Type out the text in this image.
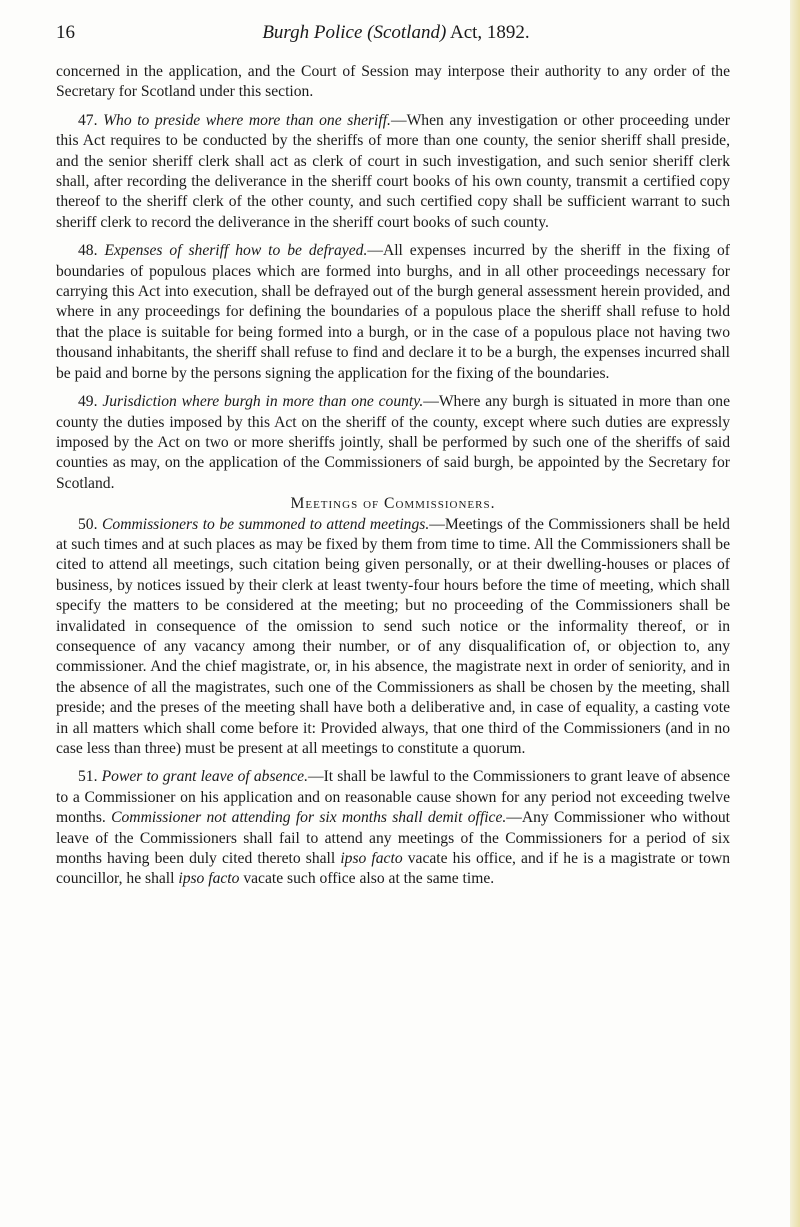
16	Burgh Police (Scotland) Act, 1892.

concerned in the application, and the Court of Session may interpose their authority to any order of the Secretary for Scotland under this section.

47. Who to preside where more than one sheriff.—When any investigation or other proceeding under this Act requires to be conducted by the sheriffs of more than one county, the senior sheriff shall preside, and the senior sheriff clerk shall act as clerk of court in such investigation, and such senior sheriff clerk shall, after recording the deliverance in the sheriff court books of his own county, transmit a certified copy thereof to the sheriff clerk of the other county, and such certified copy shall be sufficient warrant to such sheriff clerk to record the deliverance in the sheriff court books of such county.

48. Expenses of sheriff how to be defrayed.—All expenses incurred by the sheriff in the fixing of boundaries of populous places which are formed into burghs, and in all other proceedings necessary for carrying this Act into execution, shall be defrayed out of the burgh general assessment herein provided, and where in any proceedings for defining the boundaries of a populous place the sheriff shall refuse to hold that the place is suitable for being formed into a burgh, or in the case of a populous place not having two thousand inhabitants, the sheriff shall refuse to find and declare it to be a burgh, the expenses incurred shall be paid and borne by the persons signing the application for the fixing of the boundaries.

49. Jurisdiction where burgh in more than one county.—Where any burgh is situated in more than one county the duties imposed by this Act on the sheriff of the county, except where such duties are expressly imposed by the Act on two or more sheriffs jointly, shall be performed by such one of the sheriffs of said counties as may, on the application of the Commissioners of said burgh, be appointed by the Secretary for Scotland.

Meetings of Commissioners.

50. Commissioners to be summoned to attend meetings.—Meetings of the Commissioners shall be held at such times and at such places as may be fixed by them from time to time. All the Commissioners shall be cited to attend all meetings, such citation being given personally, or at their dwelling-houses or places of business, by notices issued by their clerk at least twenty-four hours before the time of meeting, which shall specify the matters to be considered at the meeting; but no proceeding of the Commissioners shall be invalidated in consequence of the omission to send such notice or the informality thereof, or in consequence of any vacancy among their number, or of any disqualification of, or objection to, any commissioner. And the chief magistrate, or, in his absence, the magistrate next in order of seniority, and in the absence of all the magistrates, such one of the Commissioners as shall be chosen by the meeting, shall preside; and the preses of the meeting shall have both a deliberative and, in case of equality, a casting vote in all matters which shall come before it: Provided always, that one third of the Commissioners (and in no case less than three) must be present at all meetings to constitute a quorum.

51. Power to grant leave of absence.—It shall be lawful to the Commissioners to grant leave of absence to a Commissioner on his application and on reasonable cause shown for any period not exceeding twelve months. Commissioner not attending for six months shall demit office.—Any Commissioner who without leave of the Commissioners shall fail to attend any meetings of the Commissioners for a period of six months having been duly cited thereto shall ipso facto vacate his office, and if he is a magistrate or town councillor, he shall ipso facto vacate such office also at the same time.
